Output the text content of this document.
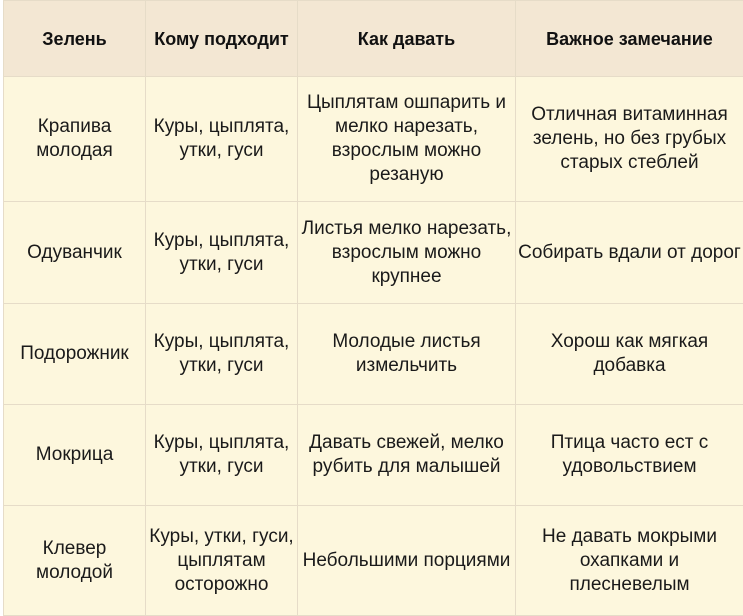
Зелень	Кому подходит	Как давать	Важное замечание
Крапива молодая	Куры, цыплята, утки, гуси	Цыплятам ошпарить и мелко нарезать, взрослым можно резаную	Отличная витаминная зелень, но без грубых старых стеблей
Одуванчик	Куры, цыплята, утки, гуси	Листья мелко нарезать, взрослым можно крупнее	Собирать вдали от дорог
Подорожник	Куры, цыплята, утки, гуси	Молодые листья измельчить	Хорош как мягкая добавка
Мокрица	Куры, цыплята, утки, гуси	Давать свежей, мелко рубить для малышей	Птица часто ест с удовольствием
Клевер молодой	Куры, утки, гуси, цыплятам осторожно	Небольшими порциями	Не давать мокрыми охапками и плесневелым
